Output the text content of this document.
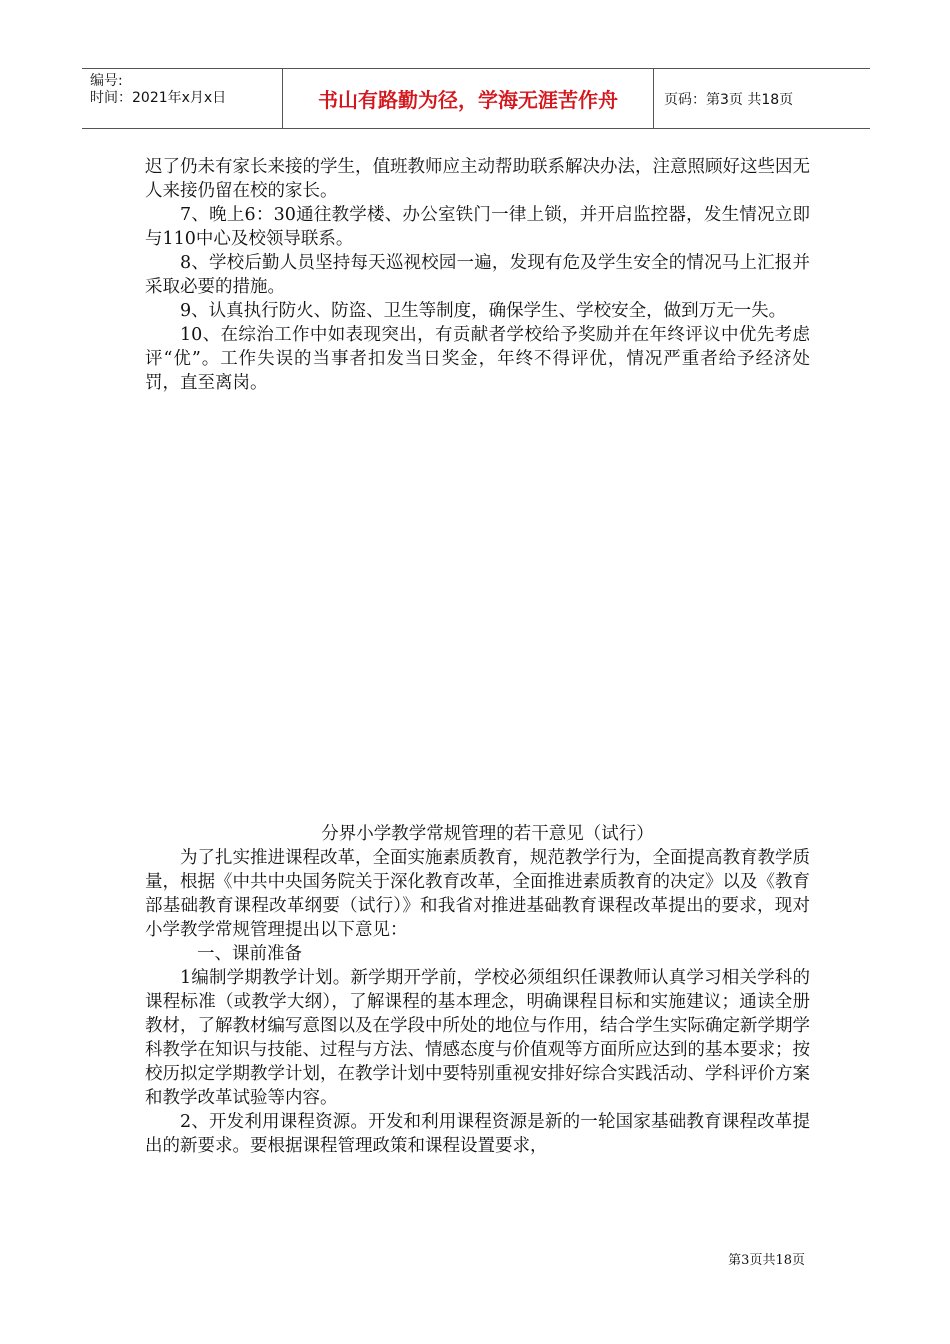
编号:
时间：2021年x月x日	书山有路勤为径，学海无涯苦作舟	页码：第3页 共18页

迟了仍未有家长来接的学生，值班教师应主动帮助联系解决办法，注意照顾好这些因无人来接仍留在校的家长。

7、晚上6：30通往教学楼、办公室铁门一律上锁，并开启监控器，发生情况立即与110中心及校领导联系。

8、学校后勤人员坚持每天巡视校园一遍，发现有危及学生安全的情况马上汇报并采取必要的措施。

9、认真执行防火、防盗、卫生等制度，确保学生、学校安全，做到万无一失。

10、在综治工作中如表现突出，有贡献者学校给予奖励并在年终评议中优先考虑评“优”。工作失误的当事者扣发当日奖金，年终不得评优，情况严重者给予经济处罚，直至离岗。

分界小学教学常规管理的若干意见（试行）

为了扎实推进课程改革，全面实施素质教育，规范教学行为，全面提高教育教学质量，根据《中共中央国务院关于深化教育改革，全面推进素质教育的决定》以及《教育部基础教育课程改革纲要（试行）》和我省对推进基础教育课程改革提出的要求，现对小学教学常规管理提出以下意见：

一、课前准备

1编制学期教学计划。新学期开学前，学校必须组织任课教师认真学习相关学科的课程标准（或教学大纲），了解课程的基本理念，明确课程目标和实施建议；通读全册教材，了解教材编写意图以及在学段中所处的地位与作用，结合学生实际确定新学期学科教学在知识与技能、过程与方法、情感态度与价值观等方面所应达到的基本要求；按校历拟定学期教学计划，在教学计划中要特别重视安排好综合实践活动、学科评价方案和教学改革试验等内容。

2、开发利用课程资源。开发和利用课程资源是新的一轮国家基础教育课程改革提出的新要求。要根据课程管理政策和课程设置要求，

第3页共18页
